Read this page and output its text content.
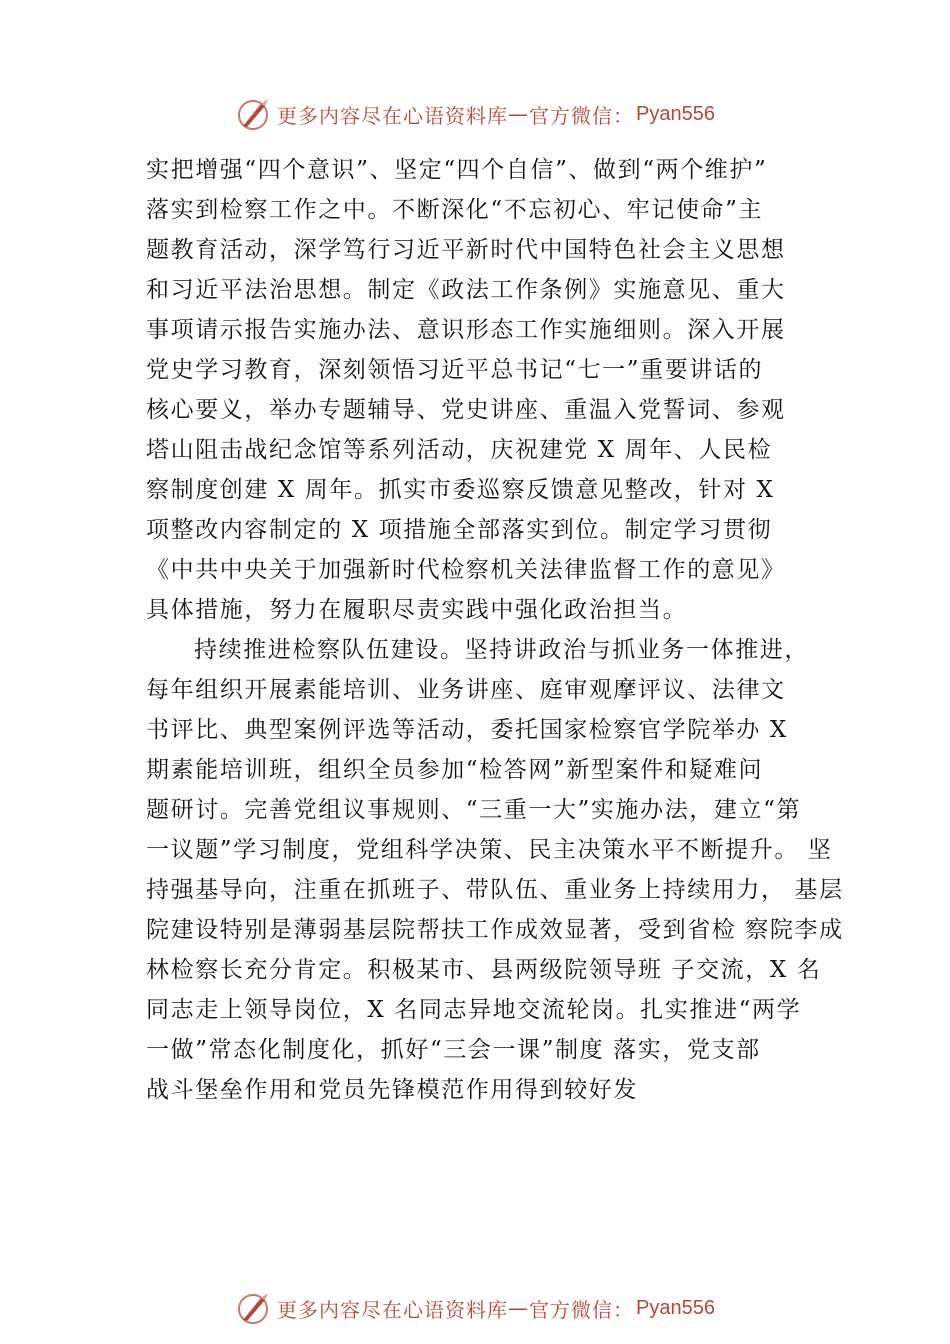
更多内容尽在心语资料库 — 官方微信： Pyan556

实把增强“四个意识”、坚定“四个自信”、做到“两个维护”
落实到检察工作之中。不断深化“不忘初心、牢记使命”主
题教育活动，深学笃行习近平新时代中国特色社会主义思想
和习近平法治思想。制定《政法工作条例》实施意见、重大
事项请示报告实施办法、意识形态工作实施细则。深入开展
党史学习教育，深刻领悟习近平总书记“七一”重要讲话的
核心要义，举办专题辅导、党史讲座、重温入党誓词、参观
塔山阻击战纪念馆等系列活动，庆祝建党 X 周年、人民检
察制度创建 X 周年。抓实市委巡察反馈意见整改，针对 X
项整改内容制定的 X 项措施全部落实到位。制定学习贯彻
《中共中央关于加强新时代检察机关法律监督工作的意见》
具体措施，努力在履职尽责实践中强化政治担当。

持续推进检察队伍建设。坚持讲政治与抓业务一体推进，
每年组织开展素能培训、业务讲座、庭审观摩评议、法律文
书评比、典型案例评选等活动，委托国家检察官学院举办 X
期素能培训班，组织全员参加“检答网”新型案件和疑难问
题研讨。完善党组议事规则、“三重一大”实施办法，建立“第
一议题”学习制度，党组科学决策、民主决策水平不断提升。 坚
持强基导向，注重在抓班子、带队伍、重业务上持续用力， 基层
院建设特别是薄弱基层院帮扶工作成效显著，受到省检 察院李成
林检察长充分肯定。积极某市、县两级院领导班 子交流，X 名
同志走上领导岗位，X 名同志异地交流轮岗。扎实推进“两学
一做”常态化制度化，抓好“三会一课”制度 落实，党支部
战斗堡垒作用和党员先锋模范作用得到较好发

更多内容尽在心语资料库 — 官方微信： Pyan556
